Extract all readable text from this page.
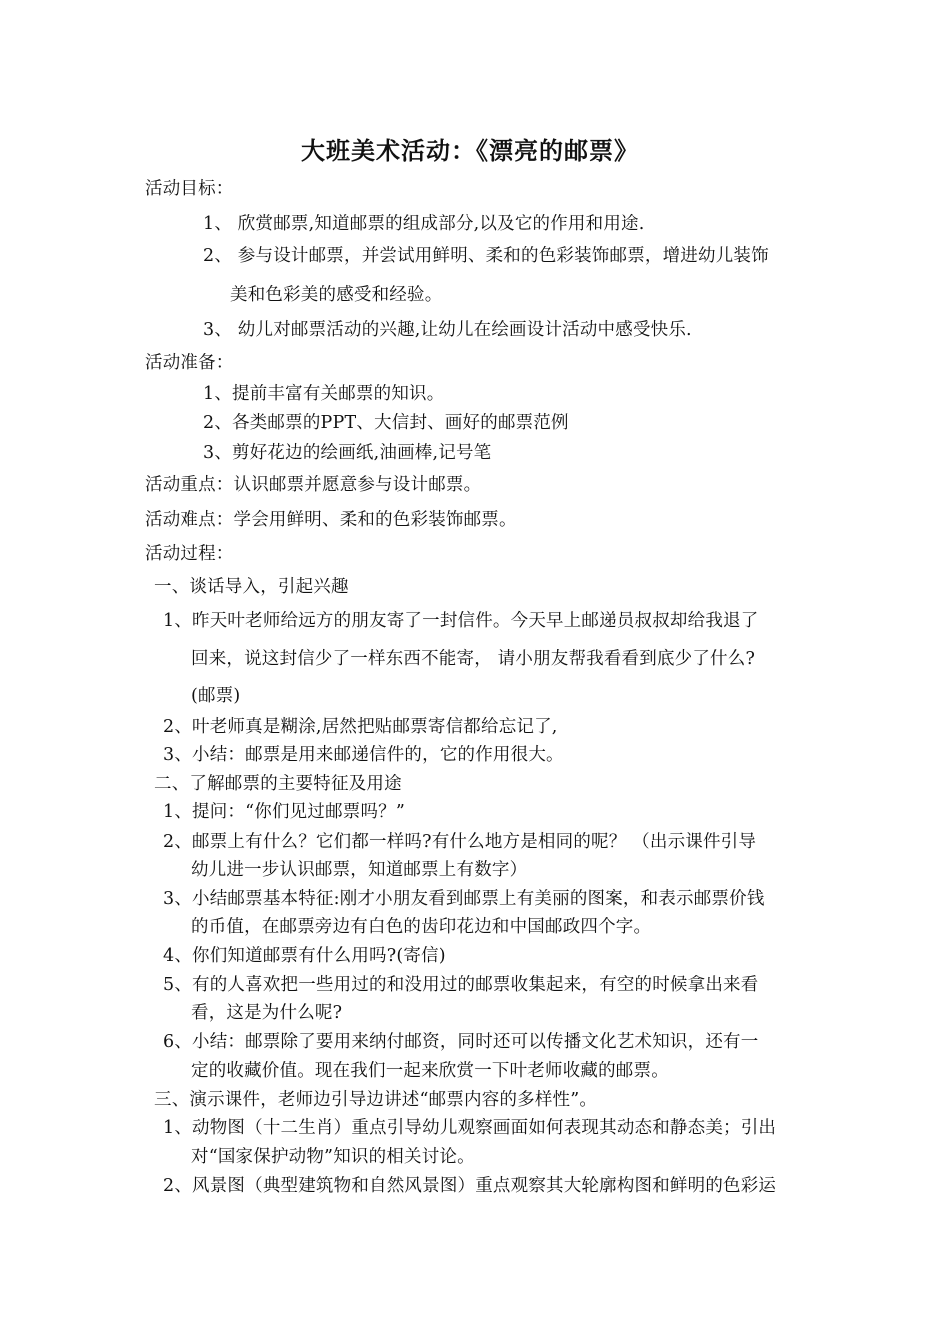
大班美术活动：《漂亮的邮票》
活动目标：
1、 欣赏邮票,知道邮票的组成部分,以及它的作用和用途.
2、 参与设计邮票，并尝试用鲜明、柔和的色彩装饰邮票，增进幼儿装饰
美和色彩美的感受和经验。
3、 幼儿对邮票活动的兴趣,让幼儿在绘画设计活动中感受快乐.
活动准备：
1、提前丰富有关邮票的知识。
2、各类邮票的PPT、大信封、画好的邮票范例
3、剪好花边的绘画纸,油画棒,记号笔
活动重点：认识邮票并愿意参与设计邮票。
活动难点：学会用鲜明、柔和的色彩装饰邮票。
活动过程：
一、谈话导入，引起兴趣
1、昨天叶老师给远方的朋友寄了一封信件。今天早上邮递员叔叔却给我退了
回来，说这封信少了一样东西不能寄， 请小朋友帮我看看到底少了什么?
(邮票)
2、叶老师真是糊涂,居然把贴邮票寄信都给忘记了,
3、小结：邮票是用来邮递信件的，它的作用很大。
二、了解邮票的主要特征及用途
1、提问：“你们见过邮票吗？”
2、邮票上有什么？它们都一样吗?有什么地方是相同的呢？ （出示课件引导
幼儿进一步认识邮票，知道邮票上有数字）
3、小结邮票基本特征:刚才小朋友看到邮票上有美丽的图案，和表示邮票价钱
的币值，在邮票旁边有白色的齿印花边和中国邮政四个字。
4、你们知道邮票有什么用吗?(寄信)
5、有的人喜欢把一些用过的和没用过的邮票收集起来，有空的时候拿出来看
看，这是为什么呢?
6、小结：邮票除了要用来纳付邮资，同时还可以传播文化艺术知识，还有一
定的收藏价值。现在我们一起来欣赏一下叶老师收藏的邮票。
三、演示课件，老师边引导边讲述“邮票内容的多样性”。
1、动物图（十二生肖）重点引导幼儿观察画面如何表现其动态和静态美；引出
对“国家保护动物”知识的相关讨论。
2、风景图（典型建筑物和自然风景图）重点观察其大轮廓构图和鲜明的色彩运
